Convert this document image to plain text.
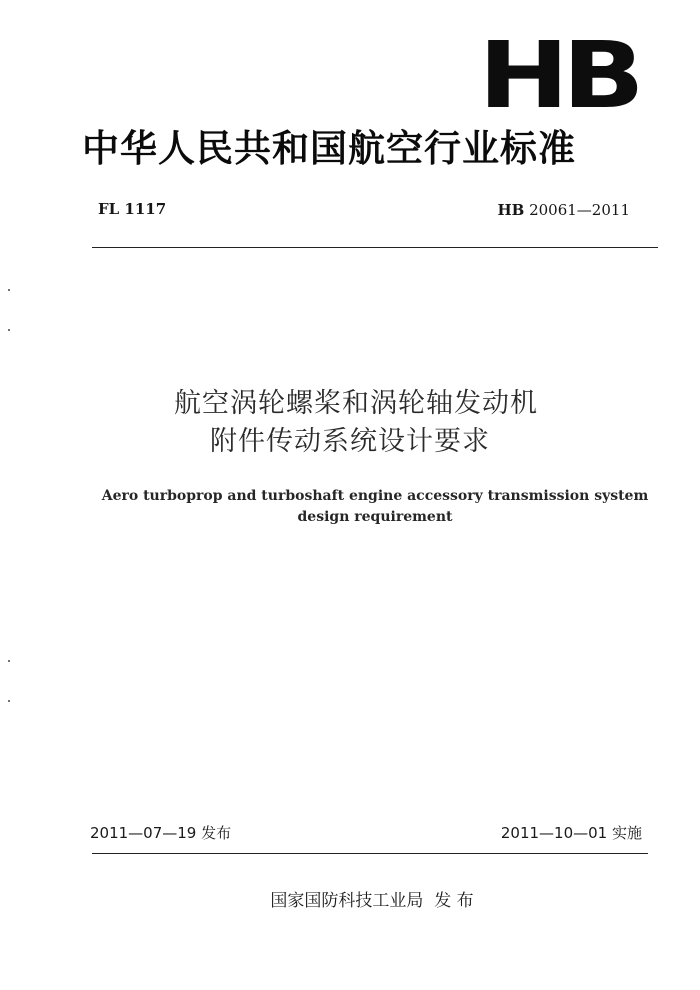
HB
中华人民共和国航空行业标准
FL 1117	HB 20061—2011
航空涡轮螺桨和涡轮轴发动机
附件传动系统设计要求
Aero turboprop and turboshaft engine accessory transmission system
design requirement
2011—07—19 发布	2011—10—01 实施
国家国防科技工业局  发 布
